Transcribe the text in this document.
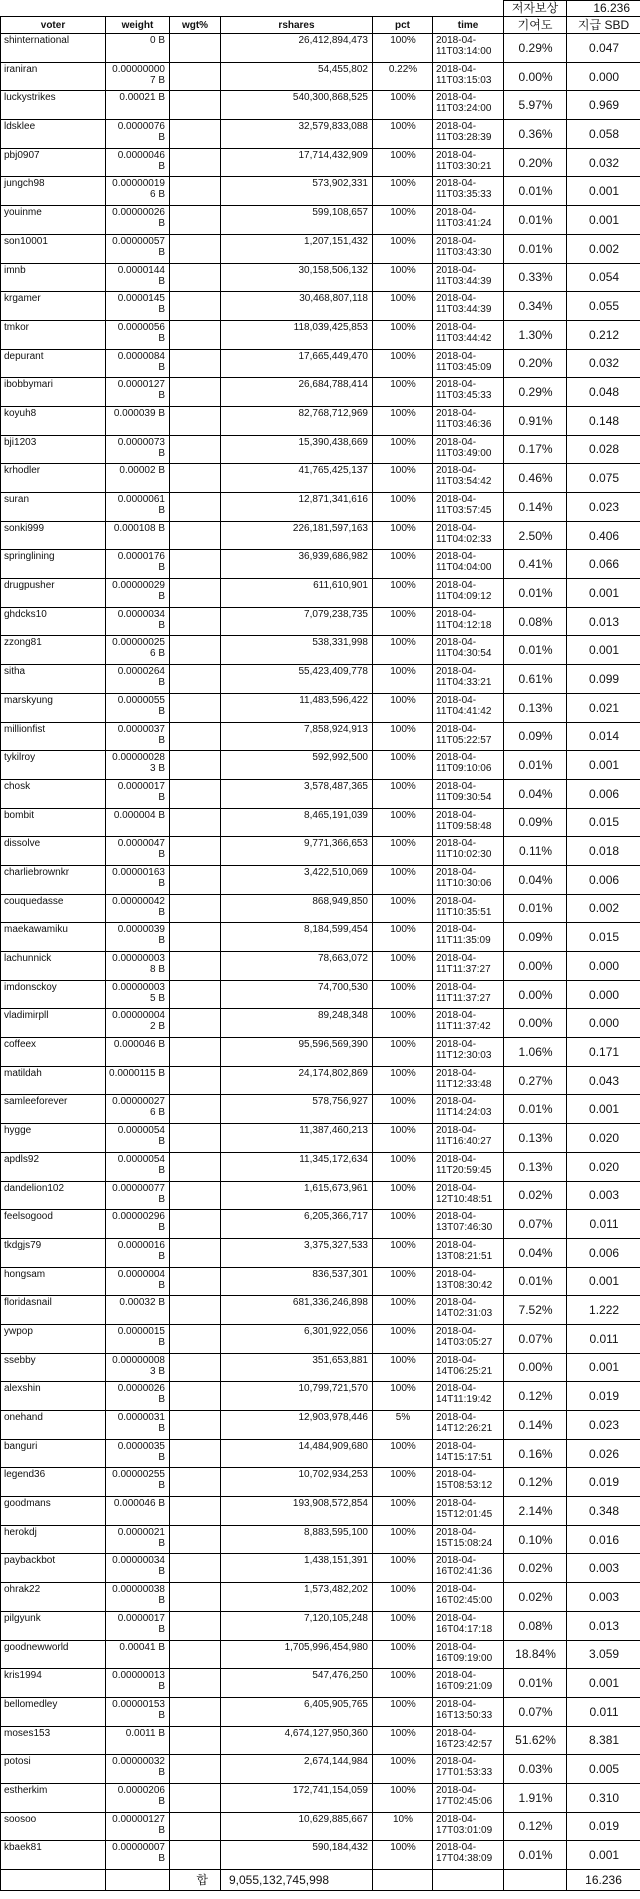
						저자보상	16.236
voter	weight	wgt%	rshares	pct	time	기여도	지급 SBD
shinternational	0 B		26,412,894,473	100%	2018-04-11T03:14:00	0.29%	0.047
iraniran	0.00000000 7 B		54,455,802	0.22%	2018-04-11T03:15:03	0.00%	0.000
luckystrikes	0.00021 B		540,300,868,525	100%	2018-04-11T03:24:00	5.97%	0.969
ldsklee	0.0000076 B		32,579,833,088	100%	2018-04-11T03:28:39	0.36%	0.058
pbj0907	0.0000046 B		17,714,432,909	100%	2018-04-11T03:30:21	0.20%	0.032
jungch98	0.00000019 6 B		573,902,331	100%	2018-04-11T03:35:33	0.01%	0.001
youinme	0.00000026 B		599,108,657	100%	2018-04-11T03:41:24	0.01%	0.001
son10001	0.00000057 B		1,207,151,432	100%	2018-04-11T03:43:30	0.01%	0.002
imnb	0.0000144 B		30,158,506,132	100%	2018-04-11T03:44:39	0.33%	0.054
krgamer	0.0000145 B		30,468,807,118	100%	2018-04-11T03:44:39	0.34%	0.055
tmkor	0.0000056 B		118,039,425,853	100%	2018-04-11T03:44:42	1.30%	0.212
depurant	0.0000084 B		17,665,449,470	100%	2018-04-11T03:45:09	0.20%	0.032
ibobbymari	0.0000127 B		26,684,788,414	100%	2018-04-11T03:45:33	0.29%	0.048
koyuh8	0.000039 B		82,768,712,969	100%	2018-04-11T03:46:36	0.91%	0.148
bji1203	0.0000073 B		15,390,438,669	100%	2018-04-11T03:49:00	0.17%	0.028
krhodler	0.00002 B		41,765,425,137	100%	2018-04-11T03:54:42	0.46%	0.075
suran	0.0000061 B		12,871,341,616	100%	2018-04-11T03:57:45	0.14%	0.023
sonki999	0.000108 B		226,181,597,163	100%	2018-04-11T04:02:33	2.50%	0.406
springlining	0.0000176 B		36,939,686,982	100%	2018-04-11T04:04:00	0.41%	0.066
drugpusher	0.00000029 B		611,610,901	100%	2018-04-11T04:09:12	0.01%	0.001
ghdcks10	0.0000034 B		7,079,238,735	100%	2018-04-11T04:12:18	0.08%	0.013
zzong81	0.00000025 6 B		538,331,998	100%	2018-04-11T04:30:54	0.01%	0.001
sitha	0.0000264 B		55,423,409,778	100%	2018-04-11T04:33:21	0.61%	0.099
marskyung	0.0000055 B		11,483,596,422	100%	2018-04-11T04:41:42	0.13%	0.021
millionfist	0.0000037 B		7,858,924,913	100%	2018-04-11T05:22:57	0.09%	0.014
tykilroy	0.00000028 3 B		592,992,500	100%	2018-04-11T09:10:06	0.01%	0.001
chosk	0.0000017 B		3,578,487,365	100%	2018-04-11T09:30:54	0.04%	0.006
bombit	0.000004 B		8,465,191,039	100%	2018-04-11T09:58:48	0.09%	0.015
dissolve	0.0000047 B		9,771,366,653	100%	2018-04-11T10:02:30	0.11%	0.018
charliebrownkr	0.00000163 B		3,422,510,069	100%	2018-04-11T10:30:06	0.04%	0.006
couquedasse	0.00000042 B		868,949,850	100%	2018-04-11T10:35:51	0.01%	0.002
maekawamiku	0.0000039 B		8,184,599,454	100%	2018-04-11T11:35:09	0.09%	0.015
lachunnick	0.00000003 8 B		78,663,072	100%	2018-04-11T11:37:27	0.00%	0.000
imdonsckoy	0.00000003 5 B		74,700,530	100%	2018-04-11T11:37:27	0.00%	0.000
vladimirpll	0.00000004 2 B		89,248,348	100%	2018-04-11T11:37:42	0.00%	0.000
coffeex	0.000046 B		95,596,569,390	100%	2018-04-11T12:30:03	1.06%	0.171
matildah	0.0000115 B		24,174,802,869	100%	2018-04-11T12:33:48	0.27%	0.043
samleeforever	0.00000027 6 B		578,756,927	100%	2018-04-11T14:24:03	0.01%	0.001
hygge	0.0000054 B		11,387,460,213	100%	2018-04-11T16:40:27	0.13%	0.020
apdls92	0.0000054 B		11,345,172,634	100%	2018-04-11T20:59:45	0.13%	0.020
dandelion102	0.00000077 B		1,615,673,961	100%	2018-04-12T10:48:51	0.02%	0.003
feelsogood	0.00000296 B		6,205,366,717	100%	2018-04-13T07:46:30	0.07%	0.011
tkdgjs79	0.0000016 B		3,375,327,533	100%	2018-04-13T08:21:51	0.04%	0.006
hongsam	0.0000004 B		836,537,301	100%	2018-04-13T08:30:42	0.01%	0.001
floridasnail	0.00032 B		681,336,246,898	100%	2018-04-14T02:31:03	7.52%	1.222
ywpop	0.0000015 B		6,301,922,056	100%	2018-04-14T03:05:27	0.07%	0.011
ssebby	0.00000008 3 B		351,653,881	100%	2018-04-14T06:25:21	0.00%	0.001
alexshin	0.0000026 B		10,799,721,570	100%	2018-04-14T11:19:42	0.12%	0.019
onehand	0.0000031 B		12,903,978,446	5%	2018-04-14T12:26:21	0.14%	0.023
banguri	0.0000035 B		14,484,909,680	100%	2018-04-14T15:17:51	0.16%	0.026
legend36	0.00000255 B		10,702,934,253	100%	2018-04-15T08:53:12	0.12%	0.019
goodmans	0.000046 B		193,908,572,854	100%	2018-04-15T12:01:45	2.14%	0.348
herokdj	0.0000021 B		8,883,595,100	100%	2018-04-15T15:08:24	0.10%	0.016
paybackbot	0.00000034 B		1,438,151,391	100%	2018-04-16T02:41:36	0.02%	0.003
ohrak22	0.00000038 B		1,573,482,202	100%	2018-04-16T02:45:00	0.02%	0.003
pilgyunk	0.0000017 B		7,120,105,248	100%	2018-04-16T04:17:18	0.08%	0.013
goodnewworld	0.00041 B		1,705,996,454,980	100%	2018-04-16T09:19:00	18.84%	3.059
kris1994	0.00000013 B		547,476,250	100%	2018-04-16T09:21:09	0.01%	0.001
bellomedley	0.00000153 B		6,405,905,765	100%	2018-04-16T13:50:33	0.07%	0.011
moses153	0.0011 B		4,674,127,950,360	100%	2018-04-16T23:42:57	51.62%	8.381
potosi	0.00000032 B		2,674,144,984	100%	2018-04-17T01:53:33	0.03%	0.005
estherkim	0.0000206 B		172,741,154,059	100%	2018-04-17T02:45:06	1.91%	0.310
soosoo	0.00000127 B		10,629,885,667	10%	2018-04-17T03:01:09	0.12%	0.019
kbaek81	0.00000007 B		590,184,432	100%	2018-04-17T04:38:09	0.01%	0.001
		합	9,055,132,745,998				16.236
